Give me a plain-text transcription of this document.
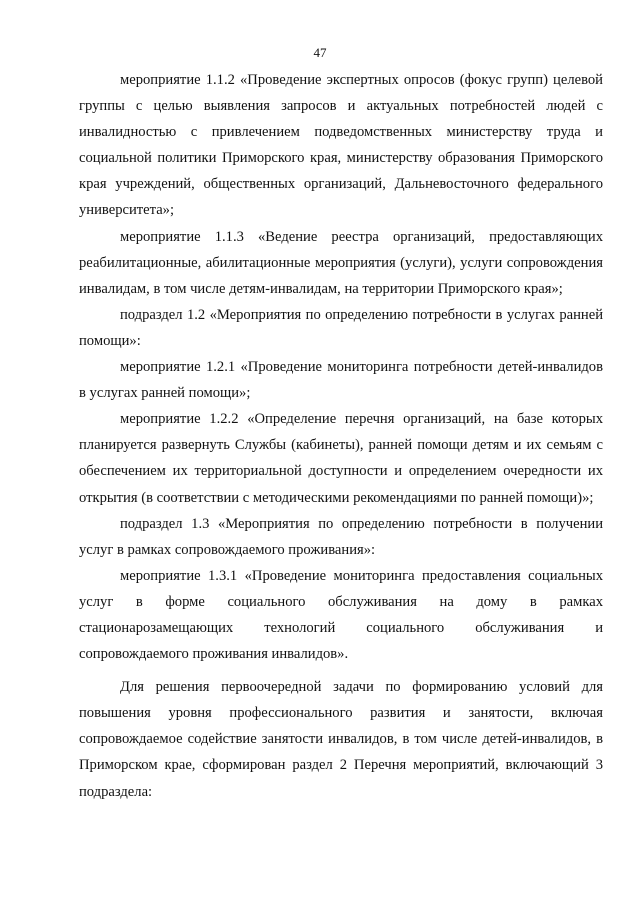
47

мероприятие 1.1.2 «Проведение экспертных опросов (фокус групп) целевой группы с целью выявления запросов и актуальных потребностей людей с инвалидностью с привлечением подведомственных министерству труда и социальной политики Приморского края, министерству образования Приморского края учреждений, общественных организаций, Дальневосточного федерального университета»;

мероприятие 1.1.3 «Ведение реестра организаций, предоставляющих реабилитационные, абилитационные мероприятия (услуги), услуги сопровождения инвалидам, в том числе детям-инвалидам, на территории Приморского края»;

подраздел 1.2 «Мероприятия по определению потребности в услугах ранней помощи»:

мероприятие 1.2.1 «Проведение мониторинга потребности детей-инвалидов в услугах ранней помощи»;

мероприятие 1.2.2 «Определение перечня организаций, на базе которых планируется развернуть Службы (кабинеты), ранней помощи детям и их семьям с обеспечением их территориальной доступности и определением очередности их открытия (в соответствии с методическими рекомендациями по ранней помощи)»;

подраздел 1.3 «Мероприятия по определению потребности в получении услуг в рамках сопровождаемого проживания»:

мероприятие 1.3.1 «Проведение мониторинга предоставления социальных услуг в форме социального обслуживания на дому в рамках стационарозамещающих технологий социального обслуживания и сопровождаемого проживания инвалидов».

Для решения первоочередной задачи по формированию условий для повышения уровня профессионального развития и занятости, включая сопровождаемое содействие занятости инвалидов, в том числе детей-инвалидов, в Приморском крае, сформирован раздел 2 Перечня мероприятий, включающий 3 подраздела:
